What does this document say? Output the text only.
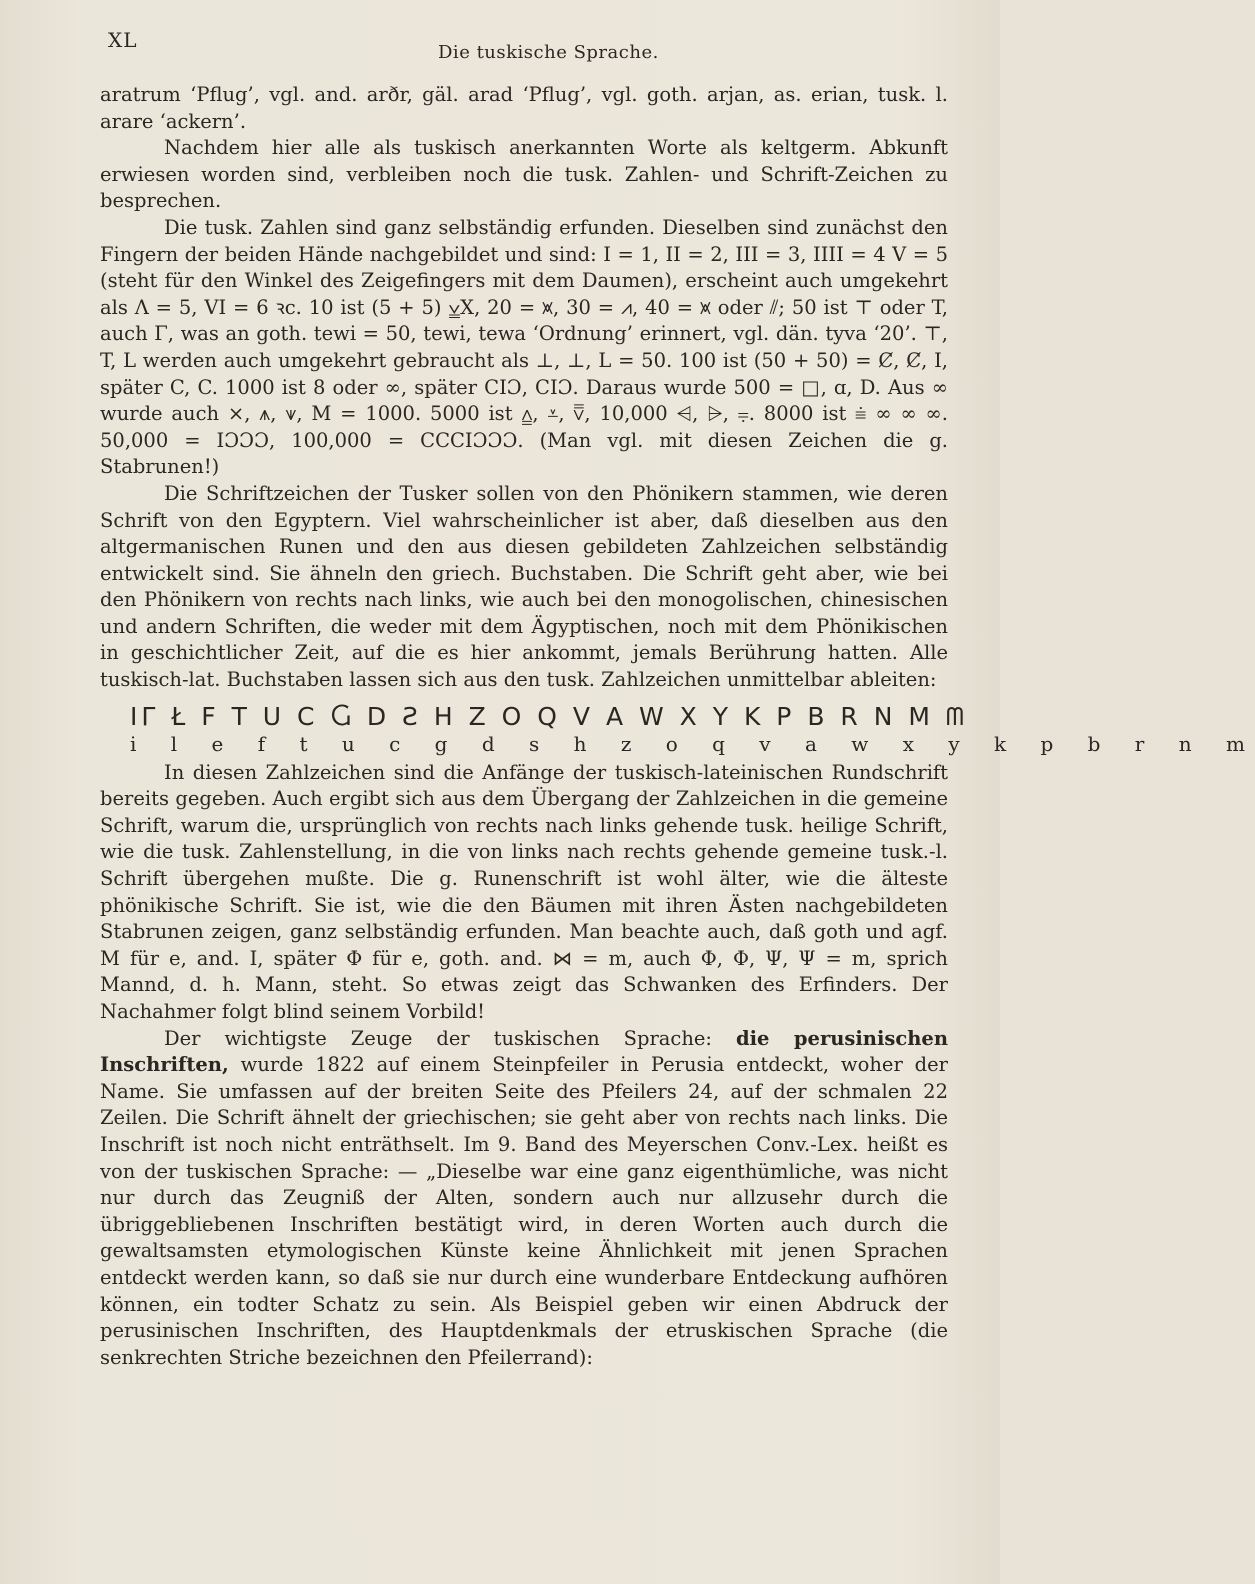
XL
Die tuskische Sprache.

aratrum ‘Pflug’, vgl. and. arðr, gäl. arad ‘Pflug’, vgl. goth. arjan, as. erian, tusk. l. arare ‘ackern’.

Nachdem hier alle als tuskisch anerkannten Worte als keltgerm. Abkunft erwiesen worden sind, verbleiben noch die tusk. Zahlen- und Schrift-Zeichen zu besprechen.

Die tusk. Zahlen sind ganz selbständig erfunden. Dieselben sind zunächst den Fingern der beiden Hände nachgebildet und sind: I = 1, II = 2, III = 3, IIII = 4 V = 5 (steht für den Winkel des Zeigefingers mit dem Daumen), erscheint auch umgekehrt als Λ = 5, VI = 6 ꝛc. 10 ist (5 + 5) ⩣X, 20 = ⩙, 30 = ⩘, 40 = ⩙ oder ⫽; 50 ist ⊤ oder T, auch Γ, was an goth. tewi = 50, tewi, tewa ‘Ordnung’ erinnert, vgl. dän. tyva ‘20’. ⊤, T, L werden auch umgekehrt gebraucht als ⊥, ⊥, L = 50. 100 ist (50 + 50) = Ȼ, Ȼ, I, später C, C. 1000 ist 8 oder ∞, später CIƆ, CIƆ. Daraus wurde 500 = □, ɑ, D. Aus ∞ wurde auch ⨯, ⩚, ⩛, M = 1000. 5000 ist ⩠, ⩡, ⩢, 10,000 ⩤, ⩥, ⩦. 8000 ist ⩧ ∞ ∞ ∞. 50,000 = IƆƆƆ, 100,000 = CCCIƆƆƆ. (Man vgl. mit diesen Zeichen die g. Stabrunen!)

Die Schriftzeichen der Tusker sollen von den Phönikern stammen, wie deren Schrift von den Egyptern. Viel wahrscheinlicher ist aber, daß dieselben aus den altgermanischen Runen und den aus diesen gebildeten Zahlzeichen selbständig entwickelt sind. Sie ähneln den griech. Buchstaben. Die Schrift geht aber, wie bei den Phönikern von rechts nach links, wie auch bei den monogolischen, chinesischen und andern Schriften, die weder mit dem Ägyptischen, noch mit dem Phönikischen in geschichtlicher Zeit, auf die es hier ankommt, jemals Berührung hatten. Alle tuskisch-lat. Buchstaben lassen sich aus den tusk. Zahlzeichen unmittelbar ableiten:

IΓ Ł F T U Ⅽ Ⴚ D Ƨ H Z O Q V A W X Y K P B R N M ᗰ
i l e f t u c g d s h z o q v a w x y k p b r n m

In diesen Zahlzeichen sind die Anfänge der tuskisch-lateinischen Rundschrift bereits gegeben. Auch ergibt sich aus dem Übergang der Zahlzeichen in die gemeine Schrift, warum die, ursprünglich von rechts nach links gehende tusk. heilige Schrift, wie die tusk. Zahlenstellung, in die von links nach rechts gehende gemeine tusk.-l. Schrift übergehen mußte. Die g. Runenschrift ist wohl älter, wie die älteste phönikische Schrift. Sie ist, wie die den Bäumen mit ihren Ästen nachgebildeten Stabrunen zeigen, ganz selbständig erfunden. Man beachte auch, daß goth und agf. M für e, and. I, später Φ für e, goth. and. ⋈ = m, auch Φ, Φ, Ψ, Ψ = m, sprich Mannd, d. h. Mann, steht. So etwas zeigt das Schwanken des Erfinders. Der Nachahmer folgt blind seinem Vorbild!

Der wichtigste Zeuge der tuskischen Sprache: die perusinischen Inschriften, wurde 1822 auf einem Steinpfeiler in Perusia entdeckt, woher der Name. Sie umfassen auf der breiten Seite des Pfeilers 24, auf der schmalen 22 Zeilen. Die Schrift ähnelt der griechischen; sie geht aber von rechts nach links. Die Inschrift ist noch nicht enträthselt. Im 9. Band des Meyerschen Conv.-Lex. heißt es von der tuskischen Sprache: — „Dieselbe war eine ganz eigenthümliche, was nicht nur durch das Zeugniß der Alten, sondern auch nur allzusehr durch die übriggebliebenen Inschriften bestätigt wird, in deren Worten auch durch die gewaltsamsten etymologischen Künste keine Ähnlichkeit mit jenen Sprachen entdeckt werden kann, so daß sie nur durch eine wunderbare Entdeckung aufhören können, ein todter Schatz zu sein. Als Beispiel geben wir einen Abdruck der perusinischen Inschriften, des Hauptdenkmals der etruskischen Sprache (die senkrechten Striche bezeichnen den Pfeilerrand):
